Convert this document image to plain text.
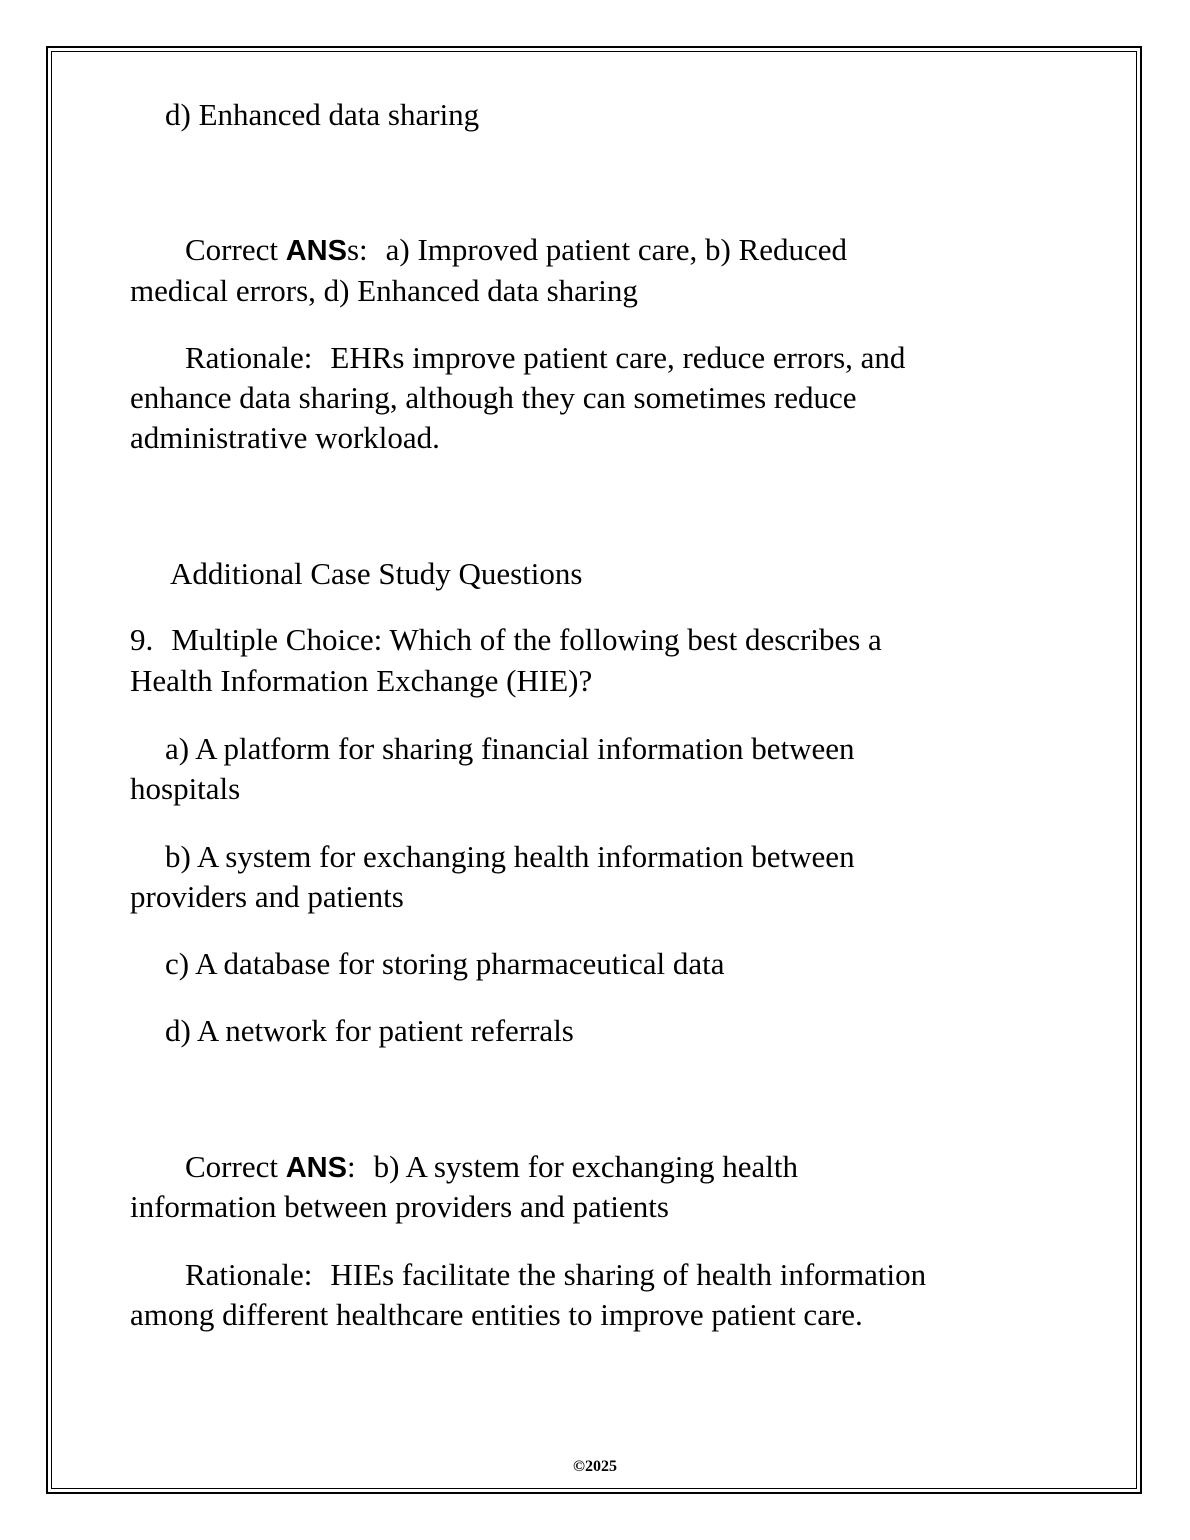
d) Enhanced data sharing
Correct ANSs: a) Improved patient care, b) Reduced
medical errors, d) Enhanced data sharing
Rationale: EHRs improve patient care, reduce errors, and
enhance data sharing, although they can sometimes reduce
administrative workload.
Additional Case Study Questions
9. Multiple Choice: Which of the following best describes a
Health Information Exchange (HIE)?
a) A platform for sharing financial information between
hospitals
b) A system for exchanging health information between
providers and patients
c) A database for storing pharmaceutical data
d) A network for patient referrals
Correct ANS: b) A system for exchanging health
information between providers and patients
Rationale: HIEs facilitate the sharing of health information
among different healthcare entities to improve patient care.
©2025
